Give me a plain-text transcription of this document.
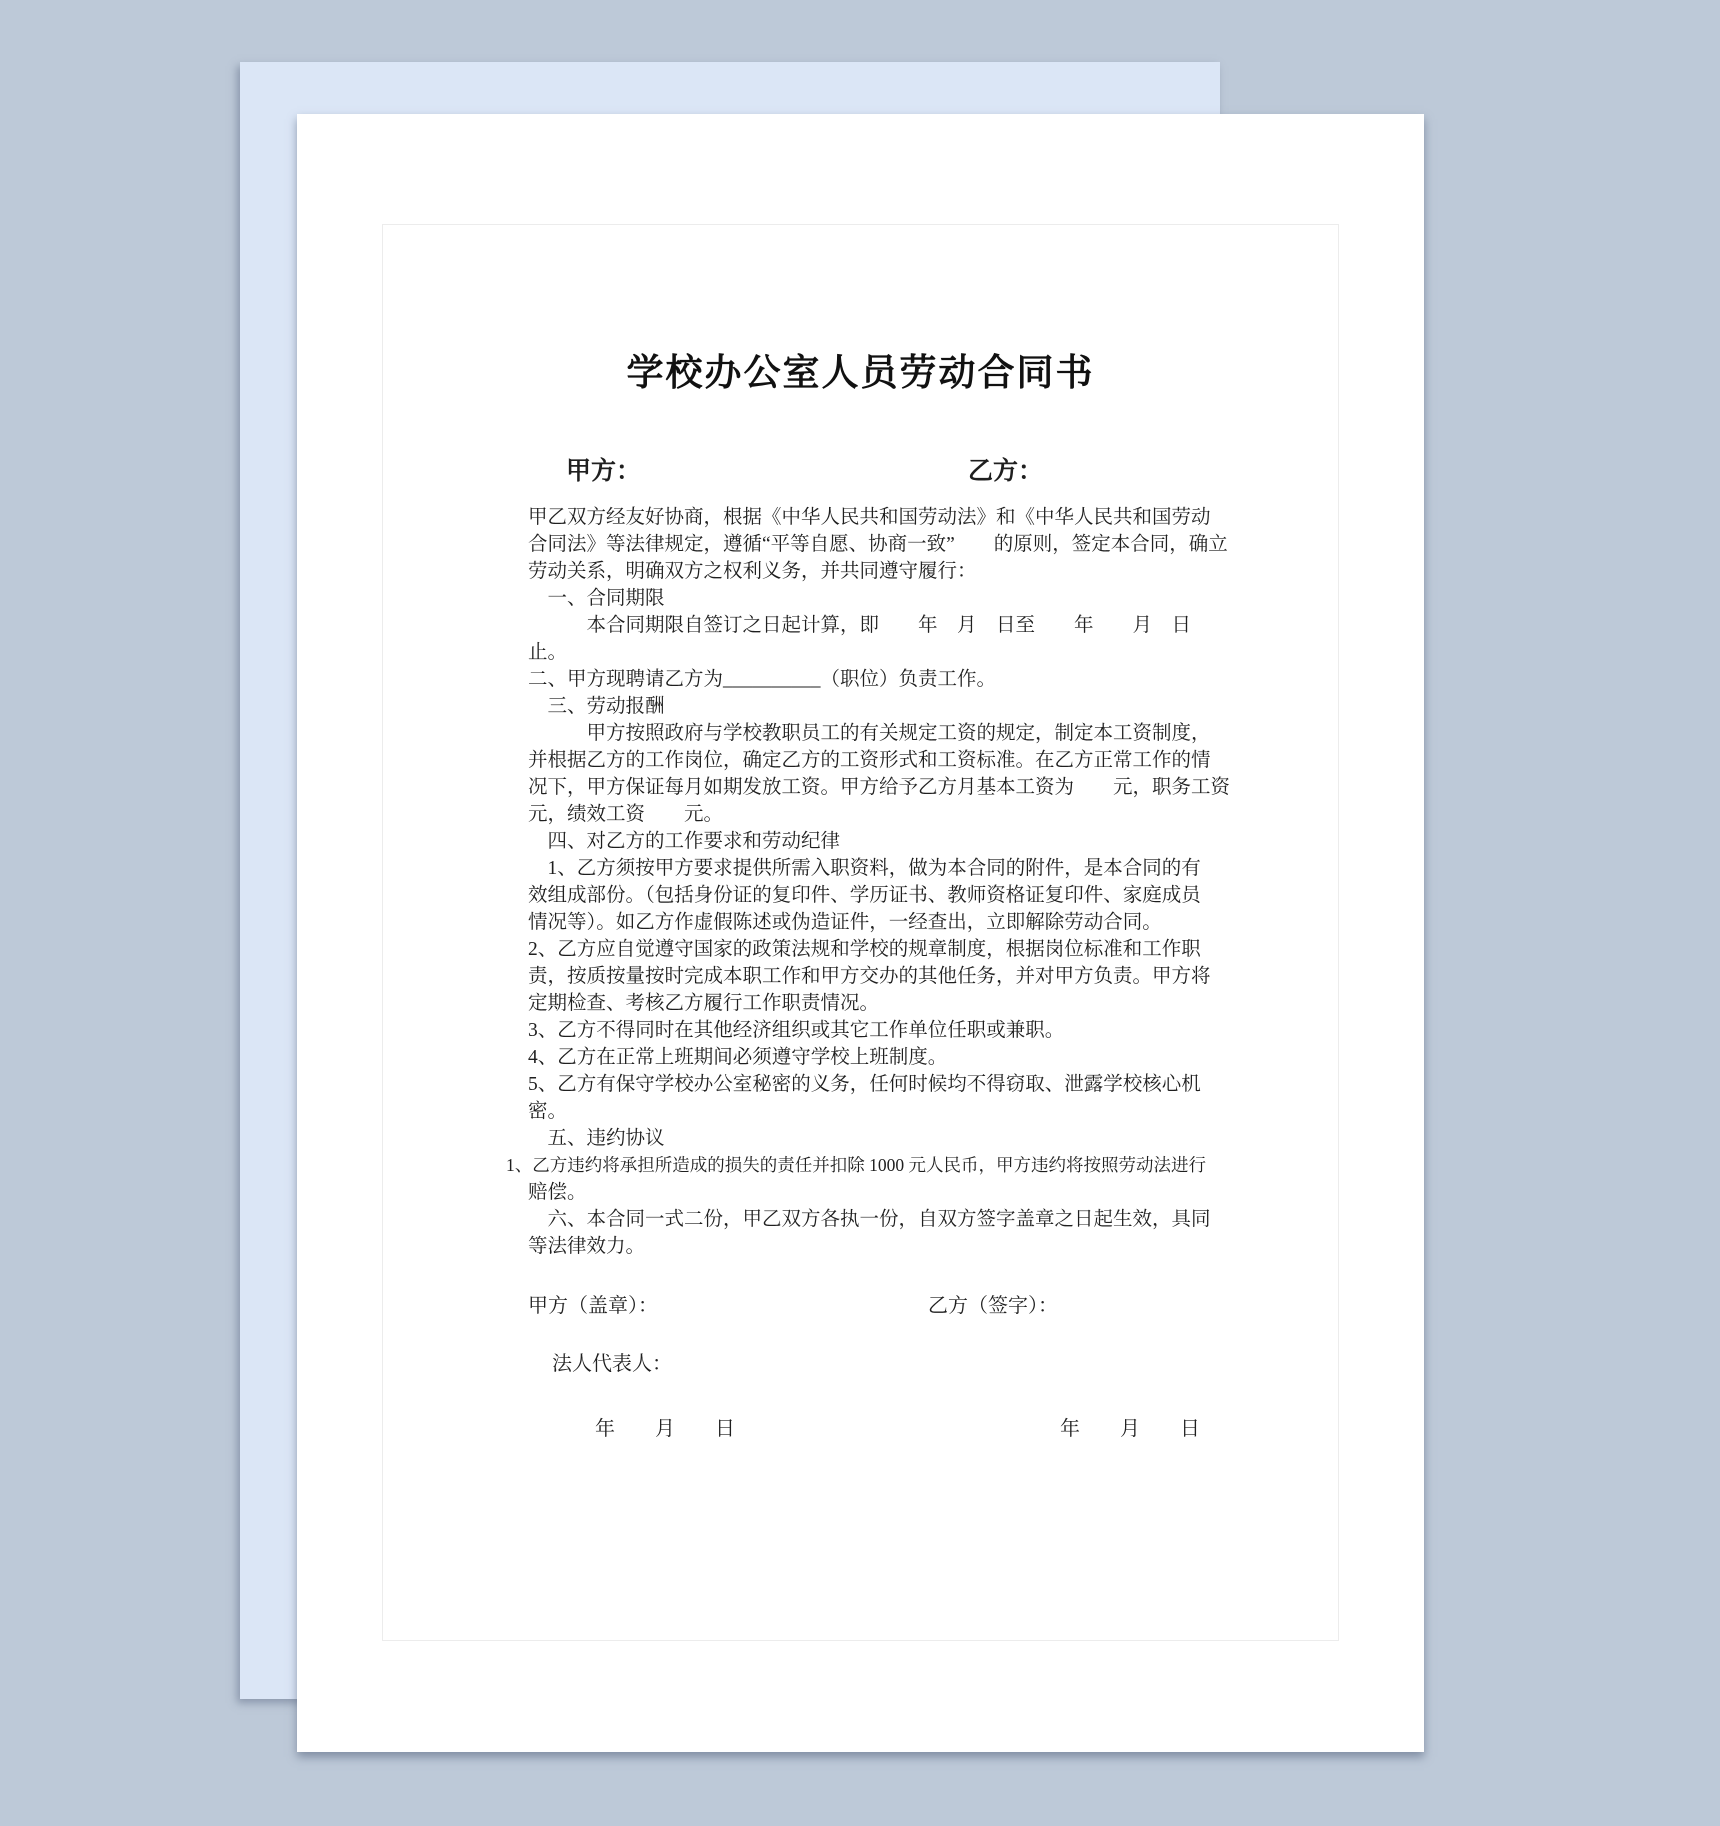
学校办公室人员劳动合同书
甲方：	乙方：
甲乙双方经友好协商，根据《中华人民共和国劳动法》和《中华人民共和国劳动
合同法》等法律规定，遵循“平等自愿、协商一致”　　的原则，签定本合同，确立
劳动关系，明确双方之权利义务，并共同遵守履行：
　一、合同期限
　　　本合同期限自签订之日起计算，即　　年　月　日至　　年　　月　日
止。
二、甲方现聘请乙方为__________（职位）负责工作。
　三、劳动报酬
　　　甲方按照政府与学校教职员工的有关规定工资的规定，制定本工资制度，
并根据乙方的工作岗位，确定乙方的工资形式和工资标准。在乙方正常工作的情
况下，甲方保证每月如期发放工资。甲方给予乙方月基本工资为　　元，职务工资
元，绩效工资　　元。
　四、对乙方的工作要求和劳动纪律
　1、乙方须按甲方要求提供所需入职资料，做为本合同的附件，是本合同的有
效组成部份。（包括身份证的复印件、学历证书、教师资格证复印件、家庭成员
情况等）。如乙方作虚假陈述或伪造证件，一经查出，立即解除劳动合同。
2、乙方应自觉遵守国家的政策法规和学校的规章制度，根据岗位标准和工作职
责，按质按量按时完成本职工作和甲方交办的其他任务，并对甲方负责。甲方将
定期检查、考核乙方履行工作职责情况。
3、乙方不得同时在其他经济组织或其它工作单位任职或兼职。
4、乙方在正常上班期间必须遵守学校上班制度。
5、乙方有保守学校办公室秘密的义务，任何时候均不得窃取、泄露学校核心机
密。
　五、违约协议
1、乙方违约将承担所造成的损失的责任并扣除 1000 元人民币，甲方违约将按照劳动法进行
赔偿。
　六、本合同一式二份，甲乙双方各执一份，自双方签字盖章之日起生效，具同
等法律效力。
甲方（盖章）：	乙方（签字）：
法人代表人：
年　　月　　日	年　　月　　日
